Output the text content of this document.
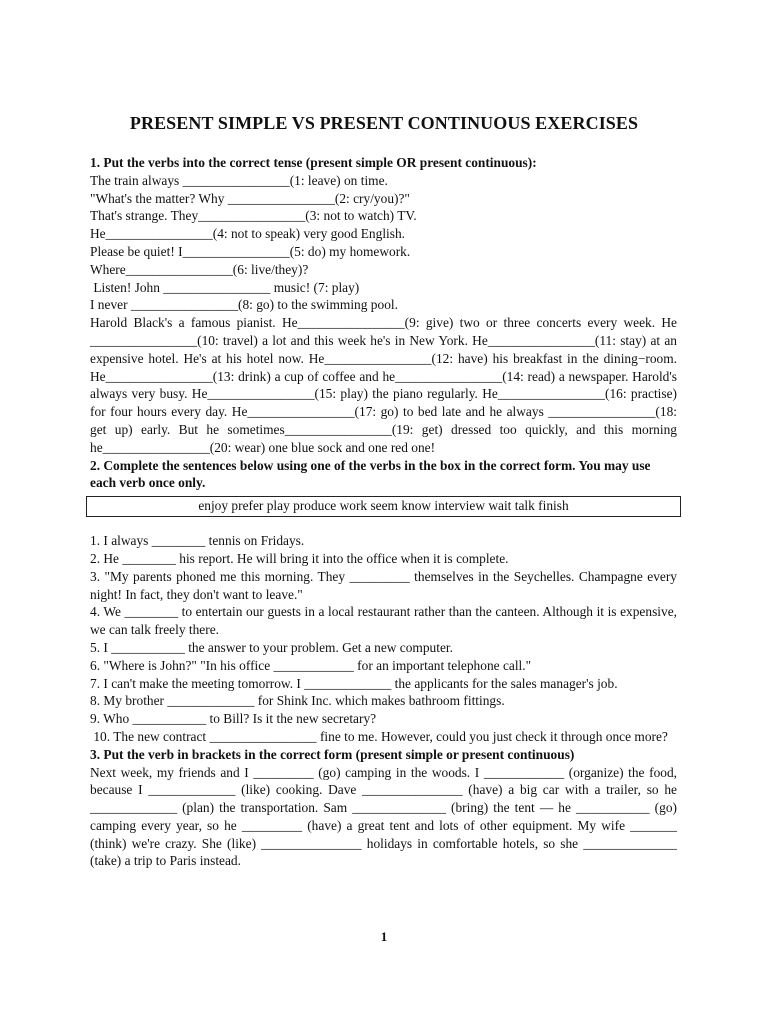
PRESENT SIMPLE VS PRESENT CONTINUOUS EXERCISES
1. Put the verbs into the correct tense (present simple OR present continuous):
The train always ________________(1: leave) on time.
"What's the matter? Why ________________(2: cry/you)?"
That's strange. They________________(3: not to watch) TV.
He________________(4: not to speak) very good English.
Please be quiet! I________________(5: do) my homework.
Where________________(6: live/they)?
Listen! John ________________ music! (7: play)
I never ________________(8: go) to the swimming pool.
Harold Black's a famous pianist. He________________(9: give) two or three concerts every week. He ________________(10: travel) a lot and this week he's in New York. He________________(11: stay) at an expensive hotel. He's at his hotel now. He________________(12: have) his breakfast in the dining−room. He________________(13: drink) a cup of coffee and he________________(14: read) a newspaper. Harold's always very busy. He________________(15: play) the piano regularly. He________________(16: practise) for four hours every day. He________________(17: go) to bed late and he always ________________(18: get up) early. But he sometimes________________(19: get) dressed too quickly, and this morning he________________(20: wear) one blue sock and one red one!
2. Complete the sentences below using one of the verbs in the box in the correct form. You may use each verb once only.
enjoy prefer play produce work seem know interview wait talk finish
1. I always ________ tennis on Fridays.
2. He ________ his report. He will bring it into the office when it is complete.
3. "My parents phoned me this morning. They _________ themselves in the Seychelles. Champagne every night! In fact, they don't want to leave."
4. We ________ to entertain our guests in a local restaurant rather than the canteen. Although it is expensive, we can talk freely there.
5. I ___________ the answer to your problem. Get a new computer.
6. "Where is John?" "In his office ____________ for an important telephone call."
7. I can't make the meeting tomorrow. I _____________ the applicants for the sales manager's job.
8. My brother _____________ for Shink Inc. which makes bathroom fittings.
9. Who ___________ to Bill? Is it the new secretary?
10. The new contract ________________ fine to me. However, could you just check it through once more?
3. Put the verb in brackets in the correct form (present simple or present continuous)
Next week, my friends and I _________ (go) camping in the woods. I ____________ (organize) the food, because I _____________ (like) cooking. Dave _______________ (have) a big car with a trailer, so he _____________ (plan) the transportation. Sam ______________ (bring) the tent — he ___________ (go) camping every year, so he _________ (have) a great tent and lots of other equipment. My wife _______ (think) we're crazy. She (like) _______________ holidays in comfortable hotels, so she ______________ (take) a trip to Paris instead.
1
